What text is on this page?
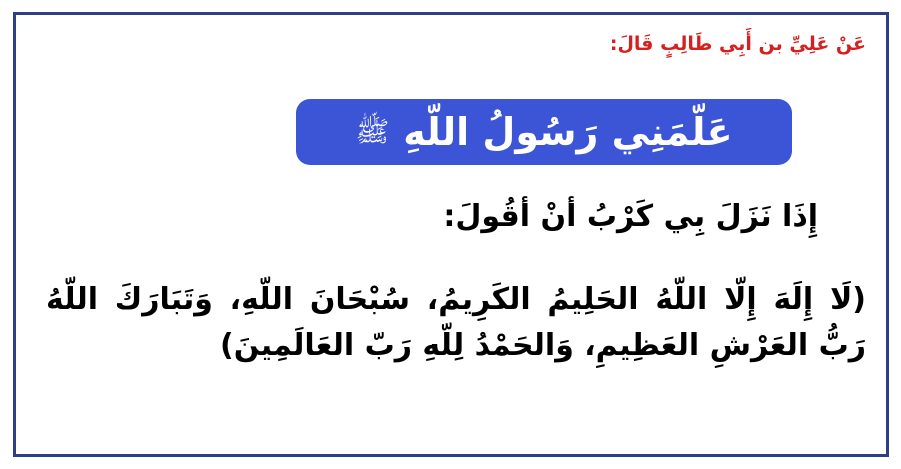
عَنْ عَلِيِّ بن أَبِي طَالِبٍ قَالَ:
عَلّمَنِي رَسُولُ اللّهِ
ﷺ
إِذَا نَزَلَ بِي كَرْبُ أنْ أقُولَ:
(لَا إِلَهَ إِلّا اللّهُ الحَلِيمُ الكَرِيمُ، سُبْحَانَ اللّهِ، وَتَبَارَكَ اللّهُ رَبُّ العَرْشِ العَظِيمِ، وَالحَمْدُ لِلّهِ رَبّ العَالَمِينَ)
